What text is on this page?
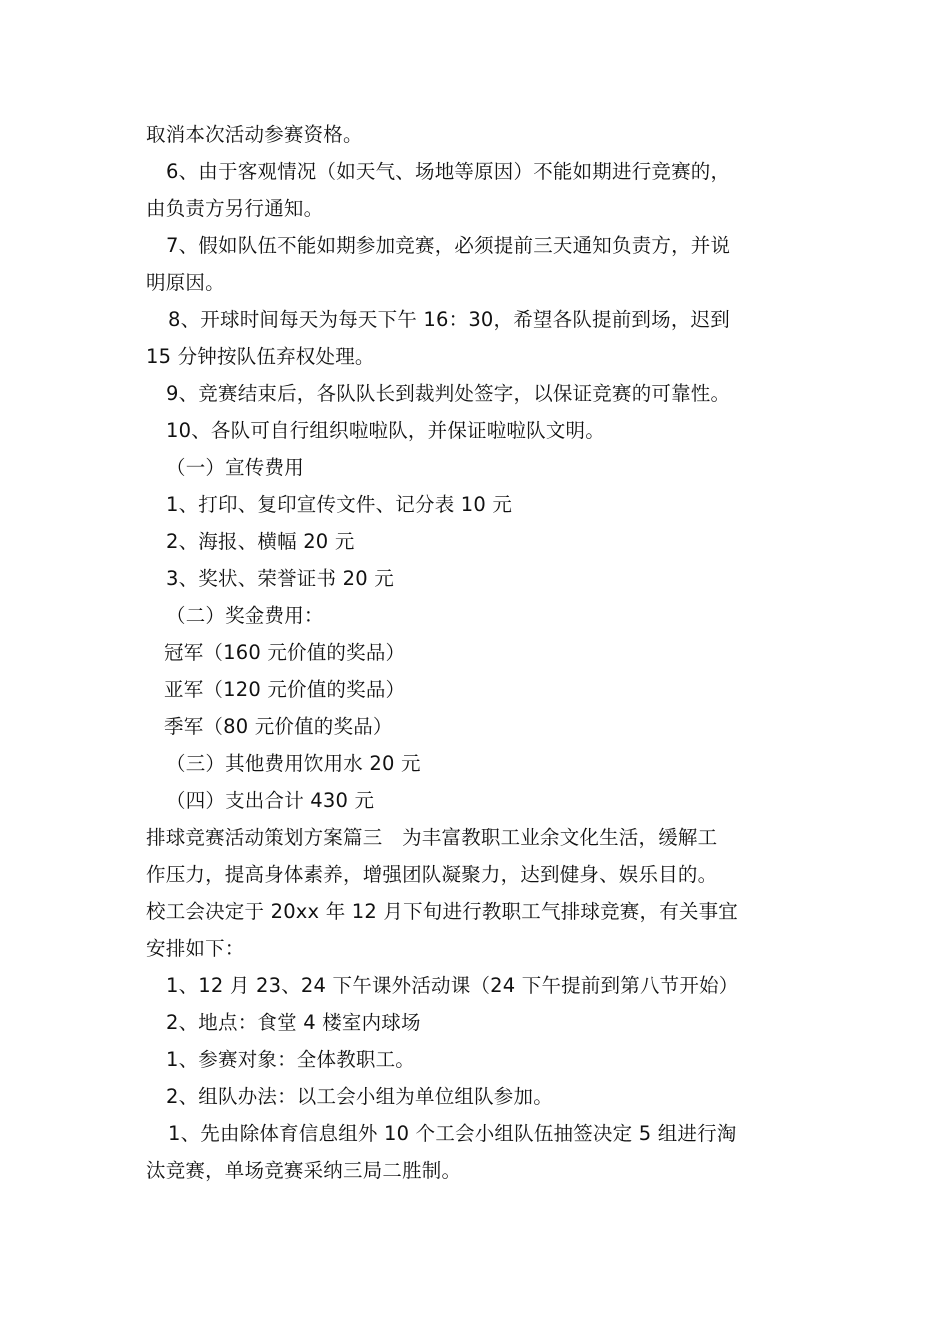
取消本次活动参赛资格。
6、由于客观情况（如天气、场地等原因）不能如期进行竞赛的，
由负责方另行通知。
7、假如队伍不能如期参加竞赛，必须提前三天通知负责方，并说
明原因。
8、开球时间每天为每天下午 16：30，希望各队提前到场，迟到
15 分钟按队伍弃权处理。
9、竞赛结束后，各队队长到裁判处签字，以保证竞赛的可靠性。
10、各队可自行组织啦啦队，并保证啦啦队文明。
（一）宣传费用
1、打印、复印宣传文件、记分表 10 元
2、海报、横幅 20 元
3、奖状、荣誉证书 20 元
（二）奖金费用：
冠军（160 元价值的奖品）
亚军（120 元价值的奖品）
季军（80 元价值的奖品）
（三）其他费用饮用水 20 元
（四）支出合计 430 元
排球竞赛活动策划方案篇三　为丰富教职工业余文化生活，缓解工
作压力，提高身体素养，增强团队凝聚力，达到健身、娱乐目的。
校工会决定于 20xx 年 12 月下旬进行教职工气排球竞赛，有关事宜
安排如下：
1、12 月 23、24 下午课外活动课（24 下午提前到第八节开始）
2、地点：食堂 4 楼室内球场
1、参赛对象：全体教职工。
2、组队办法：以工会小组为单位组队参加。
1、先由除体育信息组外 10 个工会小组队伍抽签决定 5 组进行淘
汰竞赛，单场竞赛采纳三局二胜制。
